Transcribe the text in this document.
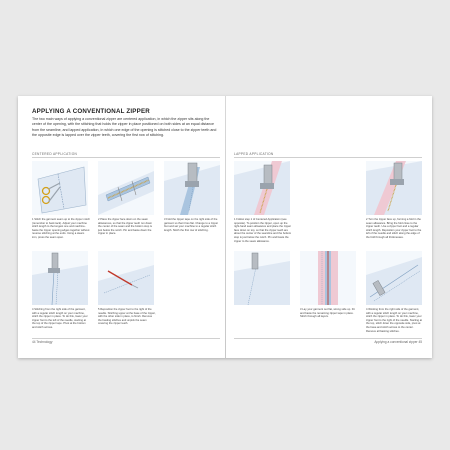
APPLYING A CONVENTIONAL ZIPPER

The two main ways of applying a conventional zipper are centered application, in which the zipper sits along the center of the opening, with the stitching that holds the zipper in place positioned on both sides at an equal distance from the seamline, and lapped application, in which one edge of the opening is stitched close to the zipper teeth and the opposite edge is lapped over the zipper teeth, covering the first row of stitching.

CENTERED APPLICATION	LAPPED APPLICATION

1 Stitch the garment seam up to the zipper notch (remember to back tack). Adjust your machine stitch length to the longest one and machine-baste the zipper opening edges together without reverse stitching at the ends. Using a steam iron, press the seam open.

2 Place the zipper face down on the seam allowances, so that the zipper teeth run down the center of the seam and the bottom stop is just below the notch. Pin and baste down the zipper in place.

3 Fold the zipper tape on the right side of the garment so that it lies flat. Change to a zipper foot and set your machine to a regular stitch length. Stitch the first row of stitching.

4 Stitching from the right side of the garment, with a regular stitch length on your machine, stitch the zipper in place. To do this, lower your zipper foot to the left of the needle, starting at the top of the zipper tape. Pivot at the bottom and stitch across.

5 Reposition the zipper foot to the right of the needle. Stitching upper at the base of the zipper, with the other side in place, to finish. Remove the basting stitches and unpick the seam covering the zipper teeth.

1 Follow step 1 of Centered Application (see opposite). To position the zipper, open up the right-hand seam allowance and place the zipper face down on top, so that the zipper teeth are about the center of the seamline and the bottom stop is just below the notch. Pin and baste the zipper to the seam allowance.

2 Turn the zipper face up, forming a fold in the seam allowance. Bring the fold close to the zipper teeth. Use a zipper foot and a regular stitch length. Reposition your zipper foot to the left of the needle and stitch along the edge of the fold through all thicknesses.

3 Lay your garment out flat, wrong side up. Fit and baste the remaining zipper tape in place. Stitch through all layers.

4 Working from the right side of the garment, with a regular stitch length on your machine, stitch the zipper in place. To do this, lower your zipper foot to the right of the needle. Starting at the top, stitch down the opposite side, pivot at the base and stitch across to the center. Remove all basting stitches.

44 Technology	Applying a conventional zipper 45
